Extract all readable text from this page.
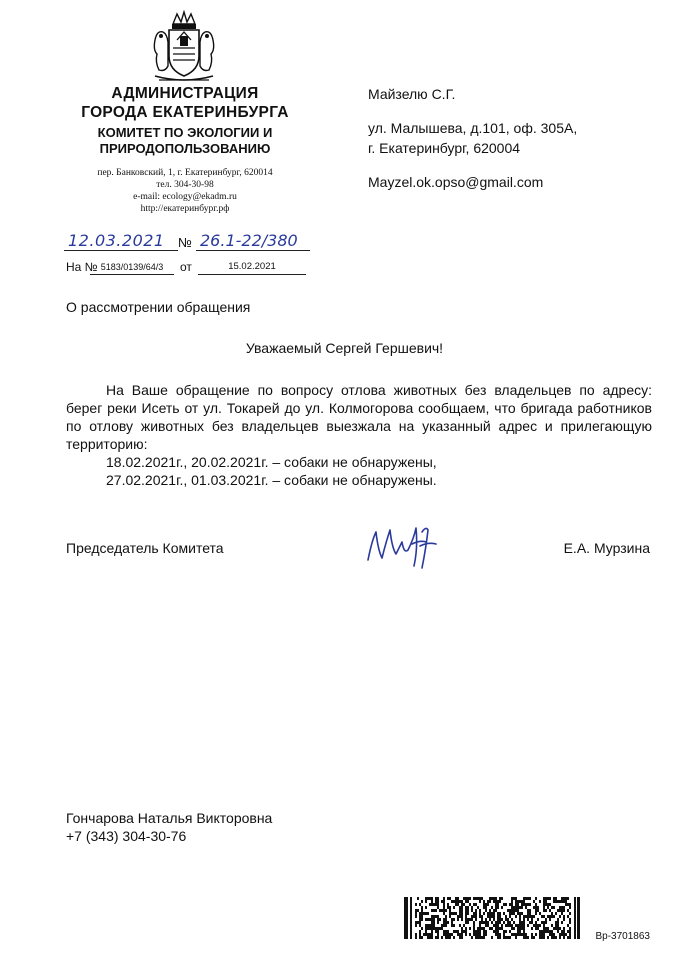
АДМИНИСТРАЦИЯ
ГОРОДА ЕКАТЕРИНБУРГА
КОМИТЕТ ПО ЭКОЛОГИИ И
ПРИРОДОПОЛЬЗОВАНИЮ
пер. Банковский, 1, г. Екатеринбург, 620014
тел. 304-30-98
e-mail: ecology@ekadm.ru
http://екатеринбург.рф
Майзелю С.Г.
ул. Малышева, д.101, оф. 305А,
г. Екатеринбург, 620004
Mayzel.ok.opso@gmail.com
12.03.2021	№ 26.1-22/380
На № 5183/0139/64/3	от	15.02.2021
О рассмотрении обращения
Уважаемый Сергей Гершевич!
На Ваше обращение по вопросу отлова животных без владельцев по адресу: берег реки Исеть от ул. Токарей до ул. Колмогорова сообщаем, что бригада работников по отлову животных без владельцев выезжала на указанный адрес и прилегающую территорию:
18.02.2021г., 20.02.2021г. – собаки не обнаружены,
27.02.2021г., 01.03.2021г. – собаки не обнаружены.
Председатель Комитета	Е.А. Мурзина
Гончарова Наталья Викторовна
+7 (343) 304-30-76
Вр-3701863
